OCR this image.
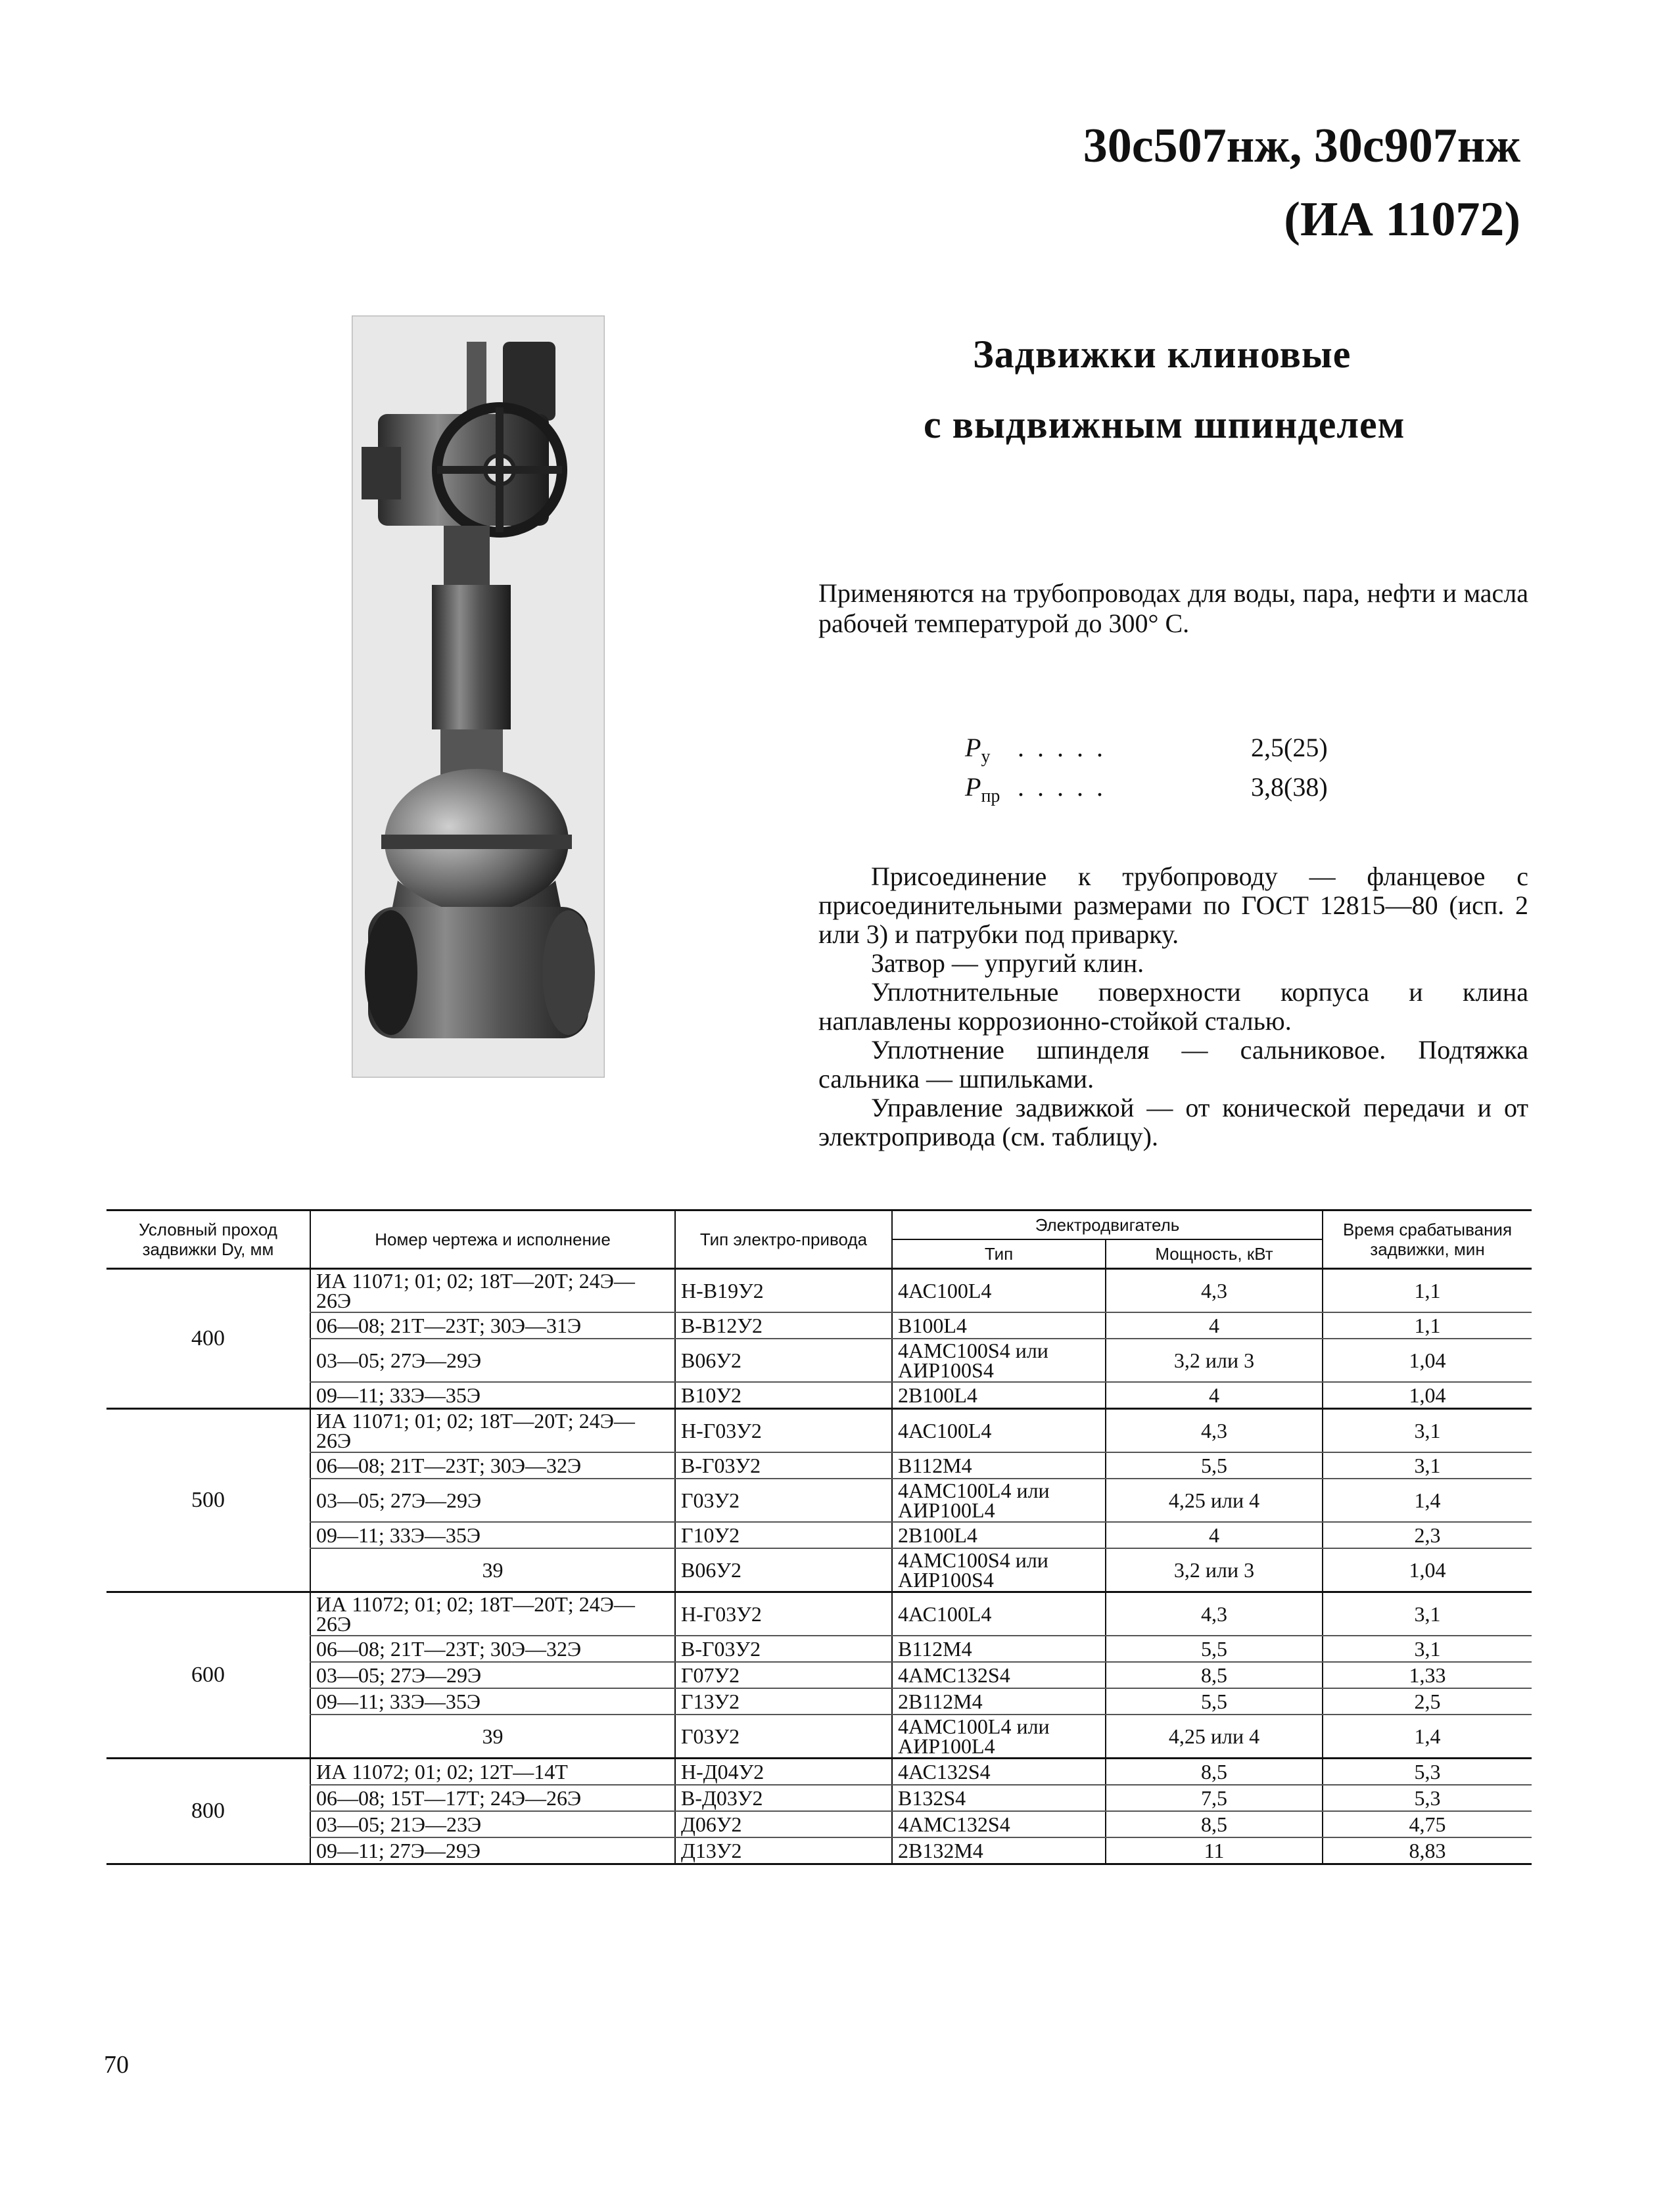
30с507нж, 30с907нж
(ИА 11072)
Задвижки клиновые
с выдвижным шпинделем
Применяются на трубопроводах для воды, пара, нефти и масла рабочей температурой до 300° С.
$P_у$	.....	2,5(25)
$P_{пр}$ .....	3,8(38)

Присоединение к трубопроводу — фланцевое с присоединительными размерами по ГОСТ 12815—80 (исп. 2 или 3) и патрубки под приварку.

Затвор — упругий клин.

Уплотнительные поверхности корпуса и клина наплавлены коррозионно-стойкой сталью.

Уплотнение шпинделя — сальниковое. Подтяжка сальника — шпильками.

Управление задвижкой — от конической передачи и от электропривода (см. таблицу).

Условный проход задвижки Dу, мм	Номер чертежа и исполнение	Тип электро-привода	Электродвигатель		Время срабатывания задвижки, мин
			Тип	Мощность, кВт	
400	ИА 11071; 01; 02; 18Т—20Т; 24Э—26Э	Н-В19У2	4АС100L4	4,3	1,1
	06—08; 21Т—23Т; 30Э—31Э	В-В12У2	В100L4	4	1,1
	03—05; 27Э—29Э	В06У2	4АМС100S4 или АИР100S4	3,2 или 3	1,04
	09—11; 33Э—35Э	В10У2	2В100L4	4	1,04
500	ИА 11071; 01; 02; 18Т—20Т; 24Э—26Э	Н-Г03У2	4АС100L4	4,3	3,1
	06—08; 21Т—23Т; 30Э—32Э	В-Г03У2	В112М4	5,5	3,1
	03—05; 27Э—29Э	Г03У2	4АМС100L4 или АИР100L4	4,25 или 4	1,4
	09—11; 33Э—35Э	Г10У2	2В100L4	4	2,3
	39	В06У2	4АМС100S4 или АИР100S4	3,2 или 3	1,04
600	ИА 11072; 01; 02; 18Т—20Т; 24Э—26Э	Н-Г03У2	4АС100L4	4,3	3,1
	06—08; 21Т—23Т; 30Э—32Э	В-Г03У2	В112М4	5,5	3,1
	03—05; 27Э—29Э	Г07У2	4АМС132S4	8,5	1,33
	09—11; 33Э—35Э	Г13У2	2В112М4	5,5	2,5
	39	Г03У2	4АМС100L4 или АИР100L4	4,25 или 4	1,4
800	ИА 11072; 01; 02; 12Т—14Т	Н-Д04У2	4АС132S4	8,5	5,3
	06—08; 15Т—17Т; 24Э—26Э	В-Д03У2	В132S4	7,5	5,3
	03—05; 21Э—23Э	Д06У2	4АМС132S4	8,5	4,75
	09—11; 27Э—29Э	Д13У2	2В132М4	11	8,83
70
